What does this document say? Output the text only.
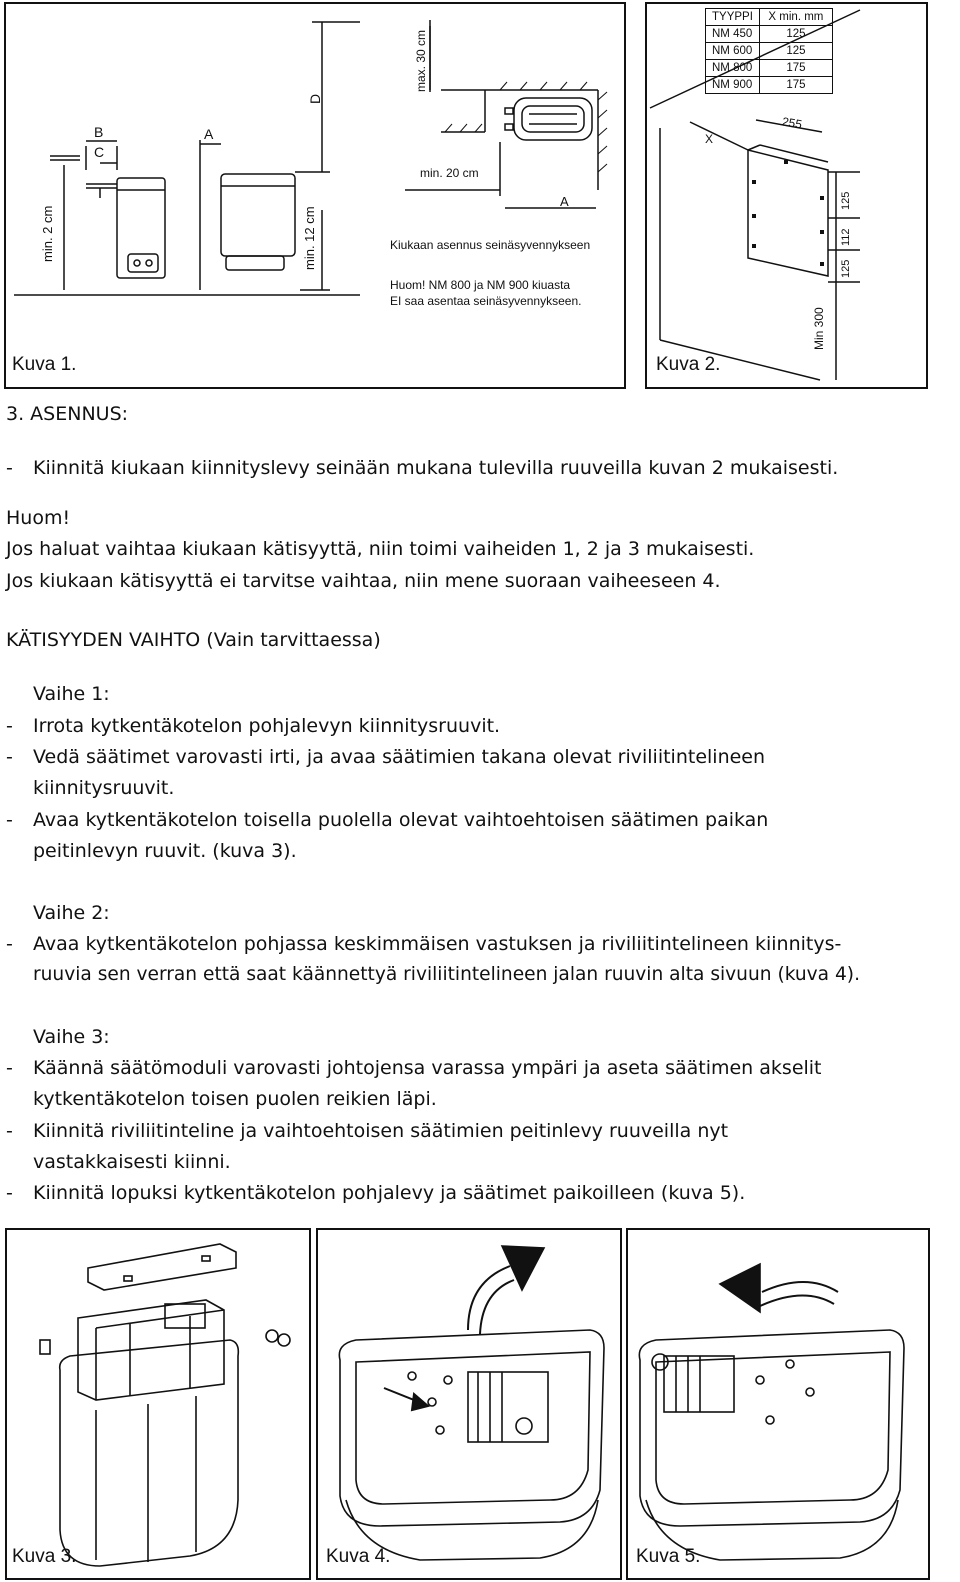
B
C
A
D
min. 2 cm	min. 12 cm
max. 30 cm
min. 20 cm
A
Kiukaan asennus seinäsyvennykseen
Huom! NM 800 ja NM 900 kiuasta
EI saa asentaa seinäsyvennykseen.
Kuva 1.
TYYPPI	X min. mm
NM 450	125
NM 600	125
NM 800	175
NM 900	175
X
255
125
112
125
Min 300
Kuva 2.
3. ASENNUS:
- Kiinnitä kiukaan kiinnityslevy seinään mukana tulevilla ruuveilla kuvan 2 mukaisesti.
Huom!
Jos haluat vaihtaa kiukaan kätisyyttä, niin toimi vaiheiden 1, 2 ja 3 mukaisesti.
Jos kiukaan kätisyyttä ei tarvitse vaihtaa, niin mene suoraan vaiheeseen 4.
KÄTISYYDEN VAIHTO (Vain tarvittaessa)
Vaihe 1:
- Irrota kytkentäkotelon pohjalevyn kiinnitysruuvit.
- Vedä säätimet varovasti irti, ja avaa säätimien takana olevat riviliitintelineen
kiinnitysruuvit.
- Avaa kytkentäkotelon toisella puolella olevat vaihtoehtoisen säätimen paikan
peitinlevyn ruuvit. (kuva 3).
Vaihe 2:
- Avaa kytkentäkotelon pohjassa keskimmäisen vastuksen ja riviliitintelineen kiinnitys-
ruuvia sen verran että saat käännettyä riviliitintelineen jalan ruuvin alta sivuun (kuva 4).
Vaihe 3:
- Käännä säätömoduli varovasti johtojensa varassa ympäri ja aseta säätimen akselit
kytkentäkotelon toisen puolen reikien läpi.
- Kiinnitä riviliitinteline ja vaihtoehtoisen säätimien peitinlevy ruuveilla nyt
vastakkaisesti kiinni.
- Kiinnitä lopuksi kytkentäkotelon pohjalevy ja säätimet paikoilleen (kuva 5).
Kuva 3.	Kuva 4.	Kuva 5.
